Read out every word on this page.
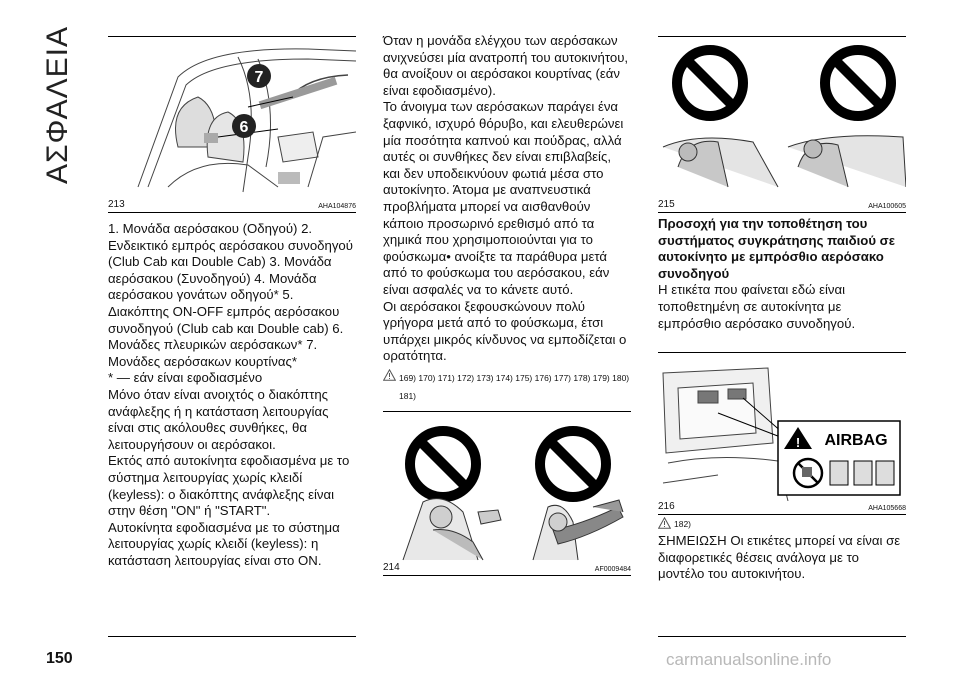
ΑΣΦΑΛΕΙΑ	7
6
213	AHA104876

1. Μονάδα αερόσακου (Οδηγού) 2. Ενδεικτικό εμπρός αερόσακου συνοδηγού (Club Cab και Double Cab) 3. Μονάδα αερόσακου (Συνοδηγού) 4. Μονάδα αερόσακου γονάτων οδηγού* 5. Διακόπτης ON-OFF εμπρός αερόσακου συνοδηγού (Club cab και Double cab) 6. Μονάδες πλευρικών αερόσακων* 7. Μονάδες αερόσακων κουρτίνας*

* — εάν είναι εφοδιασμένο

Μόνο όταν είναι ανοιχτός ο διακόπτης ανάφλεξης ή η κατάσταση λειτουργίας είναι στις ακόλουθες συνθήκες, θα λειτουργήσουν οι αερόσακοι.

Εκτός από αυτοκίνητα εφοδιασμένα με το σύστημα λειτουργίας χωρίς κλειδί (keyless): ο διακόπτης ανάφλεξης είναι στην θέση "ON" ή "START".

Αυτοκίνητα εφοδιασμένα με το σύστημα λειτουργίας χωρίς κλειδί (keyless): η κατάσταση λειτουργίας είναι στο ON.

Όταν η μονάδα ελέγχου των αερόσακων ανιχνεύσει μία ανατροπή του αυτοκινήτου, θα ανοίξουν οι αερόσακοι κουρτίνας (εάν είναι εφοδιασμένο).

Το άνοιγμα των αερόσακων παράγει ένα ξαφνικό, ισχυρό θόρυβο, και ελευθερώνει μία ποσότητα καπνού και πούδρας, αλλά αυτές οι συνθήκες δεν είναι επιβλαβείς, και δεν υποδεικνύουν φωτιά μέσα στο αυτοκίνητο. Άτομα με αναπνευστικά προβλήματα μπορεί να αισθανθούν κάποιο προσωρινό ερεθισμό από τα χημικά που χρησιμοποιούνται για το φούσκωμα• ανοίξτε τα παράθυρα μετά από το φούσκωμα του αερόσακου, εάν είναι ασφαλές να το κάνετε αυτό.

Οι αερόσακοι ξεφουσκώνουν πολύ γρήγορα μετά από το φούσκωμα, έτσι υπάρχει μικρός κίνδυνος να εμποδίζεται ο ορατότητα.

169) 170) 171) 172) 173) 174) 175) 176) 177) 178) 179) 180) 181)
214	AF0009484
215	AHA100605
Προσοχή για την τοποθέτηση του συστήματος συγκράτησης παιδιού σε αυτοκίνητο με εμπρόσθιο αερόσακο συνοδηγού
Η ετικέτα που φαίνεται εδώ είναι τοποθετημένη σε αυτοκίνητα με εμπρόσθιο αερόσακο συνοδηγού.
! AIRBAG
216	AHA105668
182)
ΣΗΜΕΙΩΣΗ Οι ετικέτες μπορεί να είναι σε διαφορετικές θέσεις ανάλογα με το μοντέλο του αυτοκινήτου.
150	carmanualsonline.info
